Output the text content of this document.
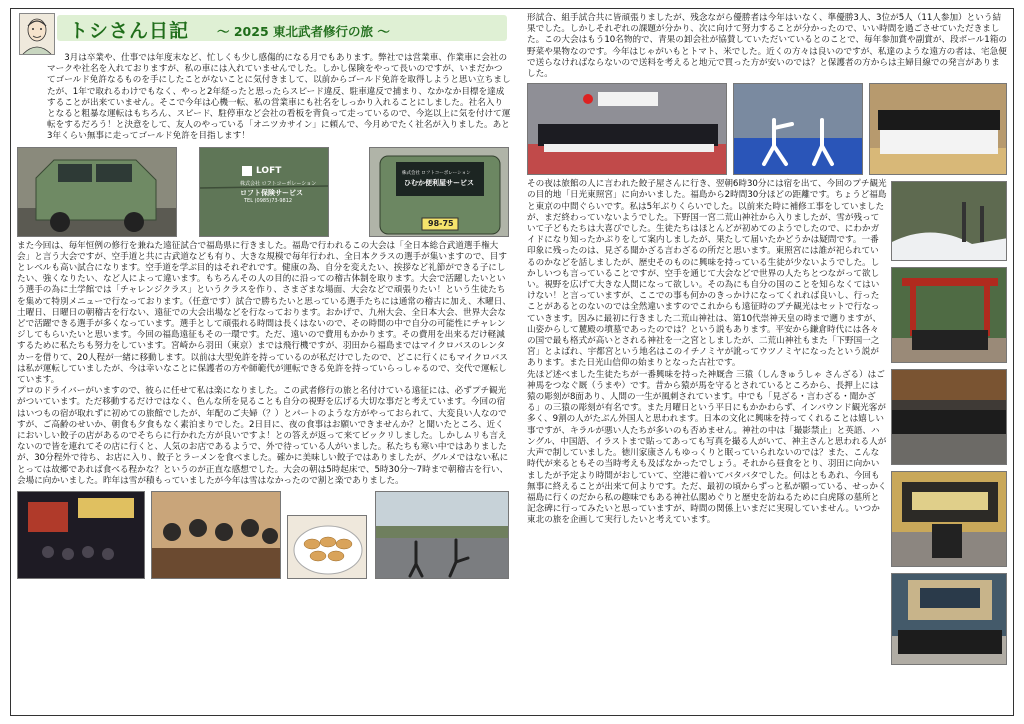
トシさん日記 ～ 2025 東北武者修行の旅 ～

3月は卒業や、仕事では年度末など、忙しくも少し感傷的になる月でもあります。弊社では営業車、作業車に会社のマークや社名を入れておりますが、私の車には入れていませんでした。しかし保険をやって長いのですが、いまだかつてゴールド免許なるものを手にしたことがないことに気付きまして、以前からゴールド免許を取得しようと思い立ちましたが、1年で取れるわけでもなく、やっと2年経ったと思ったらスピード違反、駐車違反で捕まり、なかなか目標を達成することが出来ていません。そこで今年は心機一転、私の営業車にも社名をしっかり入れることにしました。社名入りとなると粗暴な運転はもちろん、スピード、駐停車など会社の看板を背負って走っているので、今迄以上に気を付けて運転をするだろう！と決意をして、友人のやっている「オニツカサイン」に頼んで、今月めでたく社名が入りました。あと3年くらい無事に走ってゴールド免許を目指します！

LOFT
株式会社 ロフトコーポレーション
ロフト保険サービス
TEL (0985)73-9812
株式会社 ロフトコーポレーション
ひむか便利屋サービス
98-75

また今回は、毎年恒例の修行を兼ねた遠征試合で福島県に行きました。福島で行われるこの大会は「全日本総合武道選手権大会」と言う大会ですが、空手道と共に古武道なども有り、大きな規模で毎年行われ、全日本クラスの選手が集いますので、目すとレベルも高い試合になります。空手道を学ぶ目的はそれぞれです。健康の為、自分を変えたい、挨拶など礼節ができる子にしたい、強くなりたい、など人によって違います。もちろんその人の目的に沿っての稽古体制を取ります。大会で活躍したいという選手の為に土学館では「チャレンジクラス」というクラスを作り、さまざまな場面、大会などで頑張りたい！という生徒たちを集めて特別メニューで行なっております。（任意です）試合で勝ちたいと思っている選手たちには通常の稽古に加え、木曜日、土曜日、日曜日の朝稽古を行ない、遠征での大会出場などを行なっております。おかげで、九州大会、全日本大会、世界大会などで活躍できる選手が多くなっています。選手として頑張れる時間は長くはないので、その時間の中で自分の可能性にチャレンジしてもらいたいと思います。今回の福島遠征もその一環です。ただ、遠いので費用もかかります。その費用を出来るだけ軽減するために私たちも努力をしています。宮崎から羽田（東京）までは飛行機ですが、羽田から福島まではマイクロバスのレンタカーを借りて、20人程が一緒に移動します。以前は大型免許を持っているのが私だけでしたので、どこに行くにもマイクロバスは私が運転していましたが、今は幸いなことに保護者の方や師範代が運転できる免許を持っていらっしゃるので、交代で運転しています。

プロのドライバーがいますので、彼らに任せて私は楽になりました。この武者修行の旅と名付けている遠征には、必ずプチ観光がついています。ただ移動するだけではなく、色んな所を見ることも自分の視野を広げる大切な事だと考えています。今回の宿はいつもの宿が取れずに初めての旅館でしたが、年配のご夫婦（？）とパートのような方がやっておられて、大変良い人なのですが、ご高齢のせいか、朝食も夕食もなく素泊まりでした。2日目に、夜の食事はお願いできませんか？と聞いたところ、近くにおいしい餃子の店があるのでそちらに行かれた方が良いですよ！との答えが返って来てビックリしました。しかしムリも言えないので皆を連れてその店に行くと、人気のお店であるようで、外で待っている人がいました。私たちも寒い中ではありましたが、30分程外で待ち、お店に入り、餃子とラーメンを食べました。確かに美味しい餃子ではありましたが、グルメではない私にとっては故郷であれば食べる程かな？というのが正直な感想でした。大会の朝は5時起床で、5時30分～7時まで朝稽古を行い、会場に向かいました。昨年は雪が積もっていましたが今年は雪はなかったので割と楽でありました。

形試合、組手試合共に皆頑張りましたが、残念ながら優勝者は今年はいなく、準優勝3人、3位が5人（11人参加）という結果でした。しかしそれぞれの課題が分かり、次に向けて努力することが分かったので、いい時間を過ごさせていただきました。この大会はもう10名物的で、青果の卸会社が協賛していただいているとのことで、毎年参加賞や副賞が、段ボール1箱の野菜や果物なのです。今年はじゃがいもとトマト、米でした。近くの方々は良いのですが、私達のような遠方の者は、宅急便で送らなければならないので送料を考えると地元で買った方が安いのでは？と保護者の方からは主婦目線での発言がありました。

その夜は旅館の人に言われた餃子屋さんに行き、翌朝6時30分には宿を出て、今回のプチ観光の目的地「日光東照宮」に向かいました。福島から2時間30分ほどの距離です。ちょうど福島と東京の中間ぐらいです。私は5年ぶりくらいでした。以前来た時に補修工事をしていましたが、まだ終わっていないようでした。下野国一宮二荒山神社から入りましたが、雪が残っていて子どもたちは大喜びでした。生徒たちはほとんどが初めてのようでしたので、にわかガイドになり知ったかぶりをして案内しましたが、果たして届いたかどうかは疑問です。一番印象に残ったのは、見ざる聞かざる言わざるの所だと思います。東照宮には誰が祀られているのかなどを話しましたが、歴史そのものに興味を持っている生徒が少ないようでした。しかしいつも言っていることですが、空手を通じて大会などで世界の人たちとつながって欲しい。視野を広げて大きな人間になって欲しい。その為にも自分の国のことを知らなくてはいけない！と言っていますが、ここでの事も何かのきっかけになってくれれば良いし、行ったことがあるとのないのでは全然違いますのでこれからも遠征時のプチ観光はセットで行なっていきます。因みに最初に行きました二荒山神社は、第10代崇神天皇の時まで遡りますが、山姿からして麓殿の墳墓であったのでは？という説もあります。平安から鎌倉時代には各々の国で最も格式が高いとされる神社を一之宮としましたが、二荒山神社もまた「下野国一之宮」とよばれ、宇都宮という地名はこのイチノミヤが訛ってウツノミヤになったという説があります。また日光山信仰の始まりとなった古社です。

先ほど述べました生徒たちが一番興味を持った神厩舎 三猿（しんきゅうしゃ さんざる）はご神馬をつなぐ厩（うまや）です。昔から猿が馬を守るとされているところから、長押上には猿の彫刻が8面あり、人間の一生が風刺されています。中でも「見ざる・言わざる・聞かざる」の三猿の彫刻が有名です。また月曜日という平日にもかかわらず、インバウンド観光客が多く、9割の人がたぶん外国人と思われます。日本の文化に興味を持ってくれることは嬉しい事ですが、キラルが悪い人たちが多いのも否めません。神社の中は「撮影禁止」と英語、ハングル、中国語、イラストまで貼ってあっても写真を撮る人がいて、神主さんと思われる人が大声で制していました。徳川家康さんもゆっくりと眠っていられないのでは？また、こんな時代が来るともその当時考えも及ばなかったでしょう。それから昼食をとり、羽田に向かいましたが予定より時間がおしていて、空港に着いてバタバタでした。何はともあれ、今回も無事に終えることが出来て何よりです。ただ、最初の頃からずっと私が願っている、せっかく福島に行くのだから私の趣味でもある神社仏閣めぐりと歴史を訪ねるために白虎隊の墓所と記念碑に行ってみたいと思っていますが、時間の関係上いまだに実現していません。いつか東北の旅を企画して実行したいと考えています。
